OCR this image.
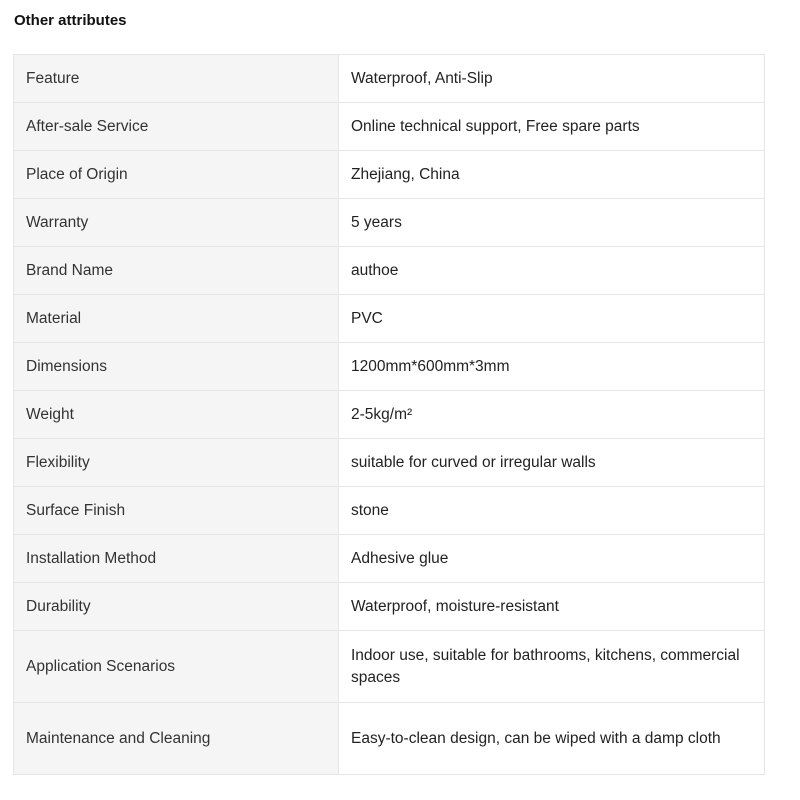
Other attributes
Feature	Waterproof, Anti-Slip
After-sale Service	Online technical support, Free spare parts
Place of Origin	Zhejiang, China
Warranty	5 years
Brand Name	authoe
Material	PVC
Dimensions	1200mm*600mm*3mm
Weight	2-5kg/m²
Flexibility	suitable for curved or irregular walls
Surface Finish	stone
Installation Method	Adhesive glue
Durability	Waterproof, moisture-resistant
Application Scenarios	Indoor use, suitable for bathrooms, kitchens, commercial spaces
Maintenance and Cleaning	Easy-to-clean design, can be wiped with a damp cloth
